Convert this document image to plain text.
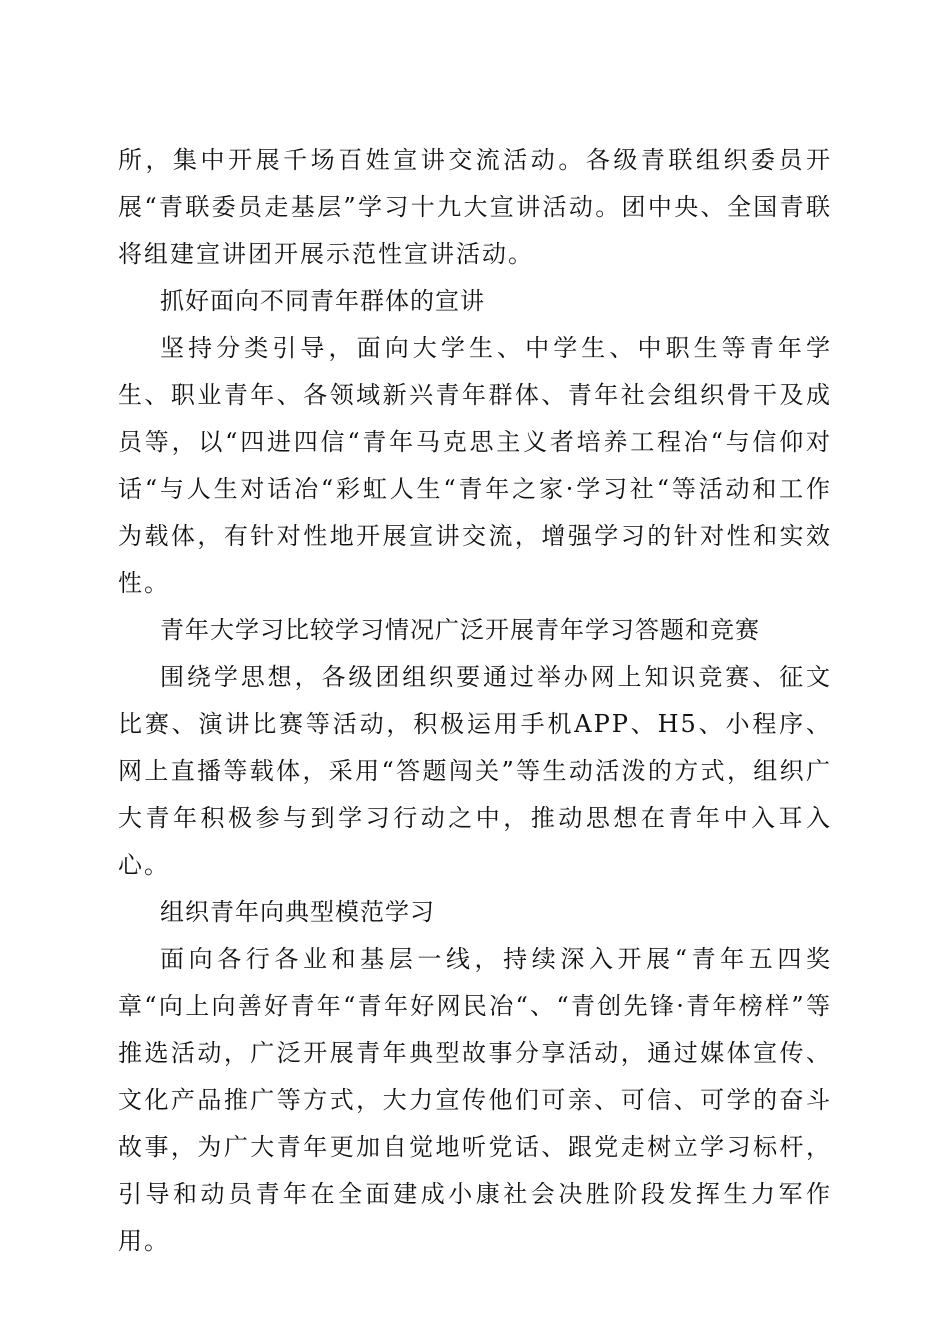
所，集中开展千场百姓宣讲交流活动。各级青联组织委员开展“青联委员走基层”学习十九大宣讲活动。团中央、全国青联将组建宣讲团开展示范性宣讲活动。

抓好面向不同青年群体的宣讲

坚持分类引导，面向大学生、中学生、中职生等青年学生、职业青年、各领域新兴青年群体、青年社会组织骨干及成员等，以“四进四信“青年马克思主义者培养工程冶“与信仰对话“与人生对话冶“彩虹人生“青年之家·学习社“等活动和工作为载体，有针对性地开展宣讲交流，增强学习的针对性和实效性。

青年大学习比较学习情况广泛开展青年学习答题和竞赛

围绕学思想，各级团组织要通过举办网上知识竞赛、征文比赛、演讲比赛等活动，积极运用手机APP、H5、小程序、网上直播等载体，采用“答题闯关”等生动活泼的方式，组织广大青年积极参与到学习行动之中，推动思想在青年中入耳入心。

组织青年向典型模范学习

面向各行各业和基层一线，持续深入开展“青年五四奖章“向上向善好青年“青年好网民冶“、“青创先锋·青年榜样”等推选活动，广泛开展青年典型故事分享活动，通过媒体宣传、文化产品推广等方式，大力宣传他们可亲、可信、可学的奋斗故事，为广大青年更加自觉地听党话、跟党走树立学习标杆，引导和动员青年在全面建成小康社会决胜阶段发挥生力军作用。
